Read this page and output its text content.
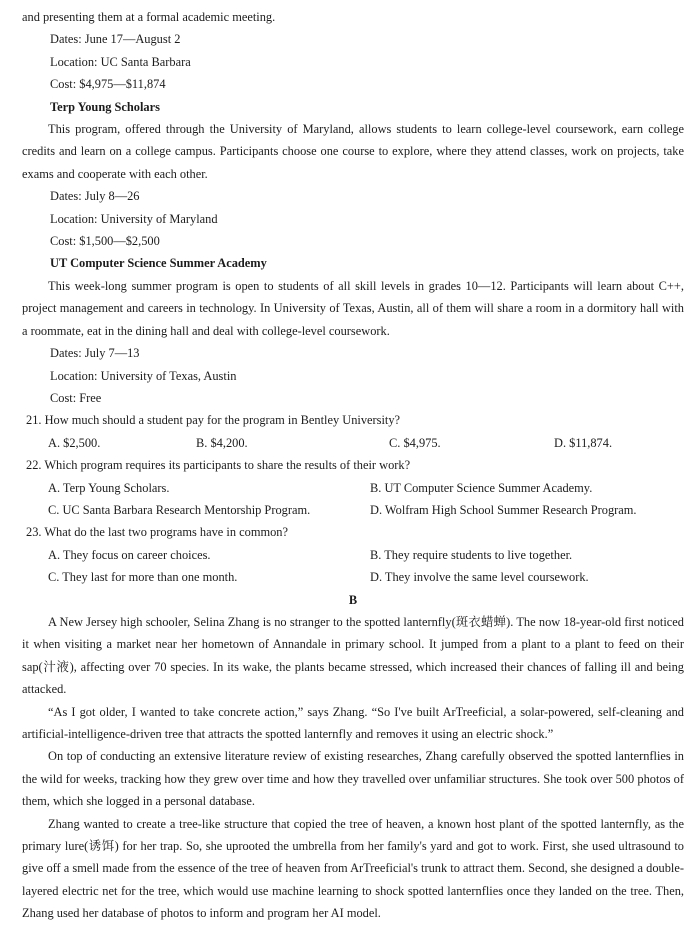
and presenting them at a formal academic meeting.
Dates: June 17—August 2
Location: UC Santa Barbara
Cost: $4,975—$11,874
Terp Young Scholars
This program, offered through the University of Maryland, allows students to learn college-level coursework, earn college credits and learn on a college campus. Participants choose one course to explore, where they attend classes, work on projects, take exams and cooperate with each other.
Dates: July 8—26
Location: University of Maryland
Cost: $1,500—$2,500
UT Computer Science Summer Academy
This week-long summer program is open to students of all skill levels in grades 10—12. Participants will learn about C++, project management and careers in technology. In University of Texas, Austin, all of them will share a room in a dormitory hall with a roommate, eat in the dining hall and deal with college-level coursework.
Dates: July 7—13
Location: University of Texas, Austin
Cost: Free
21. How much should a student pay for the program in Bentley University?
A. $2,500.	B. $4,200.	C. $4,975.	D. $11,874.
22. Which program requires its participants to share the results of their work?
A. Terp Young Scholars.	B. UT Computer Science Summer Academy.
C. UC Santa Barbara Research Mentorship Program.	D. Wolfram High School Summer Research Program.
23. What do the last two programs have in common?
A. They focus on career choices.	B. They require students to live together.
C. They last for more than one month.	D. They involve the same level coursework.
B
A New Jersey high schooler, Selina Zhang is no stranger to the spotted lanternfly(斑衣蜡蝉). The now 18-year-old first noticed it when visiting a market near her hometown of Annandale in primary school. It jumped from a plant to a plant to feed on their sap(汁液), affecting over 70 species. In its wake, the plants became stressed, which increased their chances of falling ill and being attacked.
“As I got older, I wanted to take concrete action,” says Zhang. “So I've built ArTreeficial, a solar-powered, self-cleaning and artificial-intelligence-driven tree that attracts the spotted lanternfly and removes it using an electric shock.”
On top of conducting an extensive literature review of existing researches, Zhang carefully observed the spotted lanternflies in the wild for weeks, tracking how they grew over time and how they travelled over unfamiliar structures. She took over 500 photos of them, which she logged in a personal database.
Zhang wanted to create a tree-like structure that copied the tree of heaven, a known host plant of the spotted lanternfly, as the primary lure(诱饵) for her trap. So, she uprooted the umbrella from her family's yard and got to work. First, she used ultrasound to give off a smell made from the essence of the tree of heaven from ArTreeficial's trunk to attract them. Second, she designed a double-layered electric net for the tree, which would use machine learning to shock spotted lanternflies once they landed on the tree. Then, Zhang used her database of photos to inform and program her AI model.
